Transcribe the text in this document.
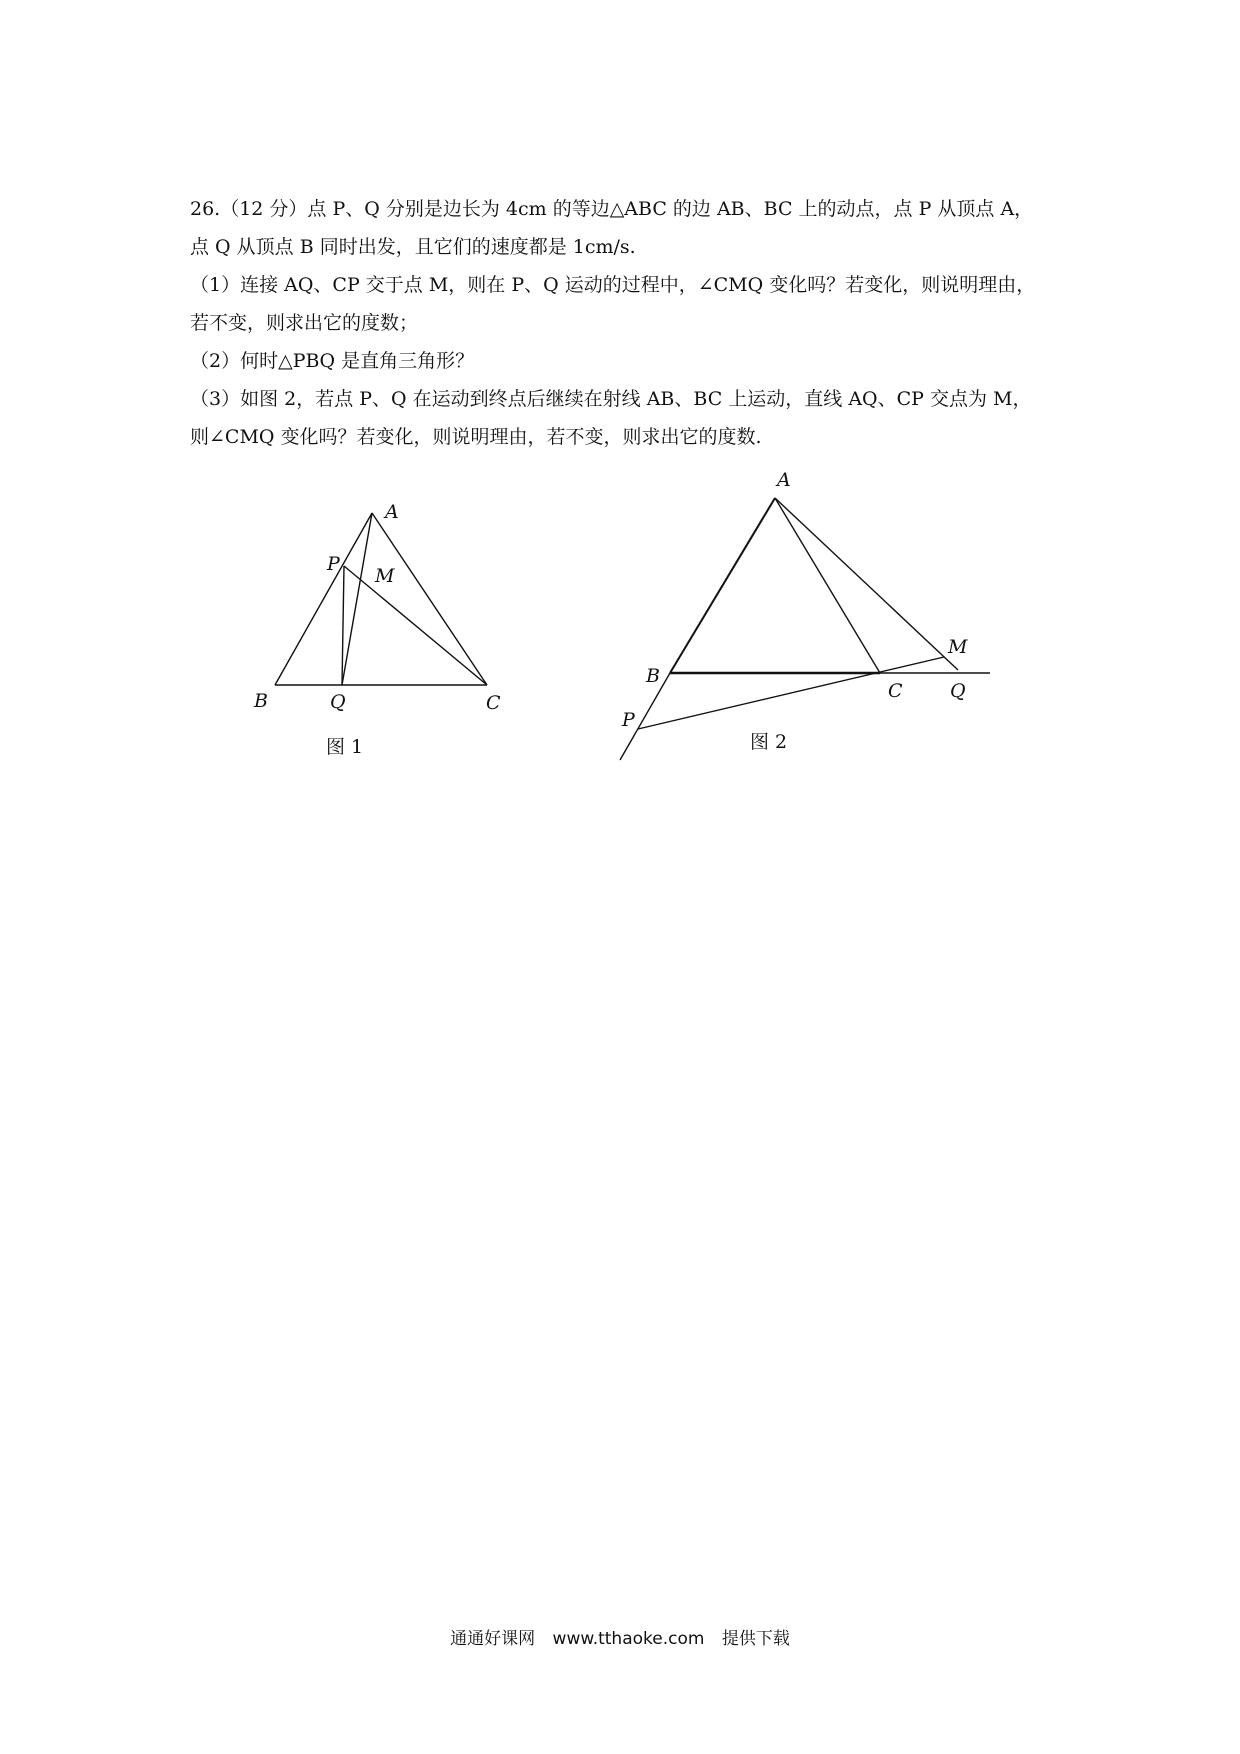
26.（12 分）点 P、Q 分别是边长为 4cm 的等边△ABC 的边 AB、BC 上的动点，点 P 从顶点 A，
点 Q 从顶点 B 同时出发，且它们的速度都是 1cm/s.
（1）连接 AQ、CP 交于点 M，则在 P、Q 运动的过程中，∠CMQ 变化吗？若变化，则说明理由，
若不变，则求出它的度数；
（2）何时△PBQ 是直角三角形？
（3）如图 2，若点 P、Q 在运动到终点后继续在射线 AB、BC 上运动，直线 AQ、CP 交点为 M，
则∠CMQ 变化吗？若变化，则说明理由，若不变，则求出它的度数.
A
B	C
P
Q
M
图 1
A
B
C
P
Q
M
图 2
通通好课网 www.tthaoke.com 提供下载
